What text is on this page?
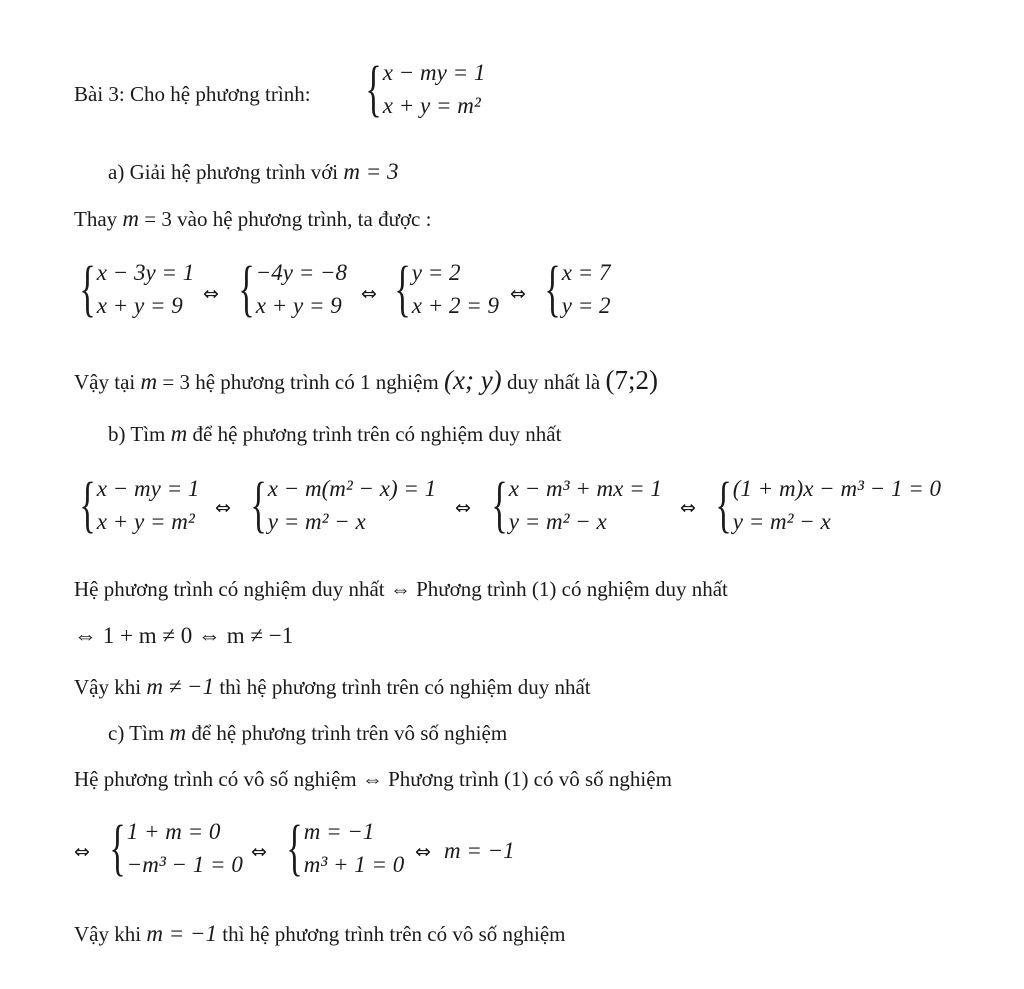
Bài 3: Cho hệ phương trình: { x − my = 1
x + y = m²
a) Giải hệ phương trình với m = 3
Thay m = 3 vào hệ phương trình, ta được :
{ x − 3y = 1
x + y = 9	⇔ { −4y = −8
x + y = 9 ⇔ { y = 2
x + 2 = 9 ⇔ { x = 7
y = 2
Vậy tại m = 3 hệ phương trình có 1 nghiệm (x; y) duy nhất là (7;2)
b) Tìm m để hệ phương trình trên có nghiệm duy nhất
{ x − my = 1
x + y = m²
⇔ { x − m(m² − x) = 1
y = m² − x
⇔ { x − m³ + mx = 1
y = m² − x
⇔ { (1 + m)x − m³ − 1 = 0
y = m² − x
Hệ phương trình có nghiệm duy nhất ⇔ Phương trình (1) có nghiệm duy nhất
⇔ 1 + m ≠ 0 ⇔ m ≠ −1
Vậy khi m ≠ −1 thì hệ phương trình trên có nghiệm duy nhất
c) Tìm m để hệ phương trình trên vô số nghiệm
Hệ phương trình có vô số nghiệm ⇔ Phương trình (1) có vô số nghiệm
⇔ { 1 + m = 0
−m³ − 1 = 0 ⇔ { m = −1
m³ + 1 = 0 ⇔ m = −1
Vậy khi m = −1 thì hệ phương trình trên có vô số nghiệm
